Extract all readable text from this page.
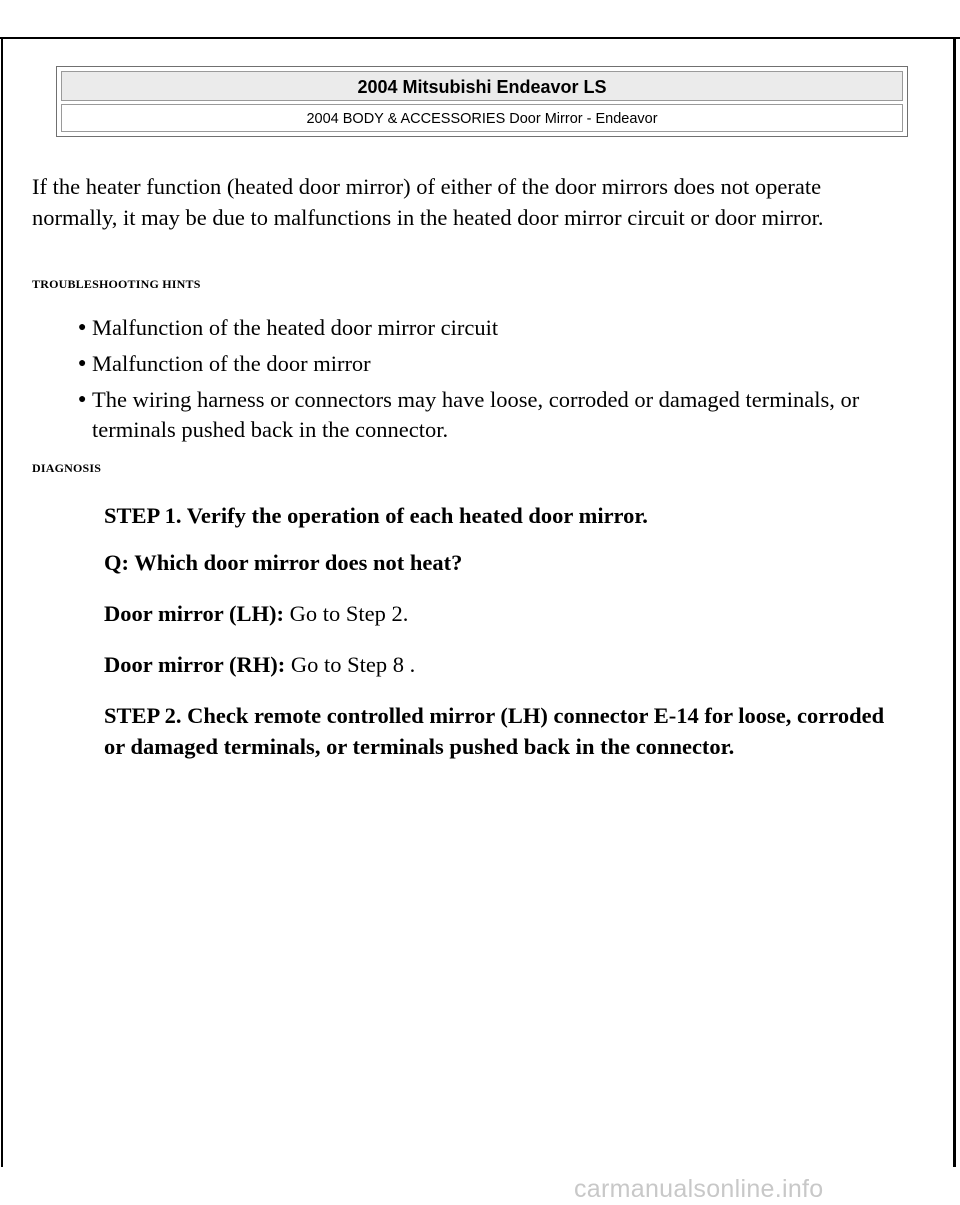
2004 Mitsubishi Endeavor LS
2004 BODY & ACCESSORIES Door Mirror - Endeavor

If the heater function (heated door mirror) of either of the door mirrors does not operate normally, it may be due to malfunctions in the heated door mirror circuit or door mirror.

TROUBLESHOOTING HINTS
● Malfunction of the heated door mirror circuit
● Malfunction of the door mirror
● The wiring harness or connectors may have loose, corroded or damaged terminals, or terminals pushed back in the connector.
DIAGNOSIS

STEP 1. Verify the operation of each heated door mirror.

Q: Which door mirror does not heat?

Door mirror (LH): Go to Step 2.

Door mirror (RH): Go to Step 8 .

STEP 2. Check remote controlled mirror (LH) connector E-14 for loose, corroded or damaged terminals, or terminals pushed back in the connector.

carmanualsonline.info
